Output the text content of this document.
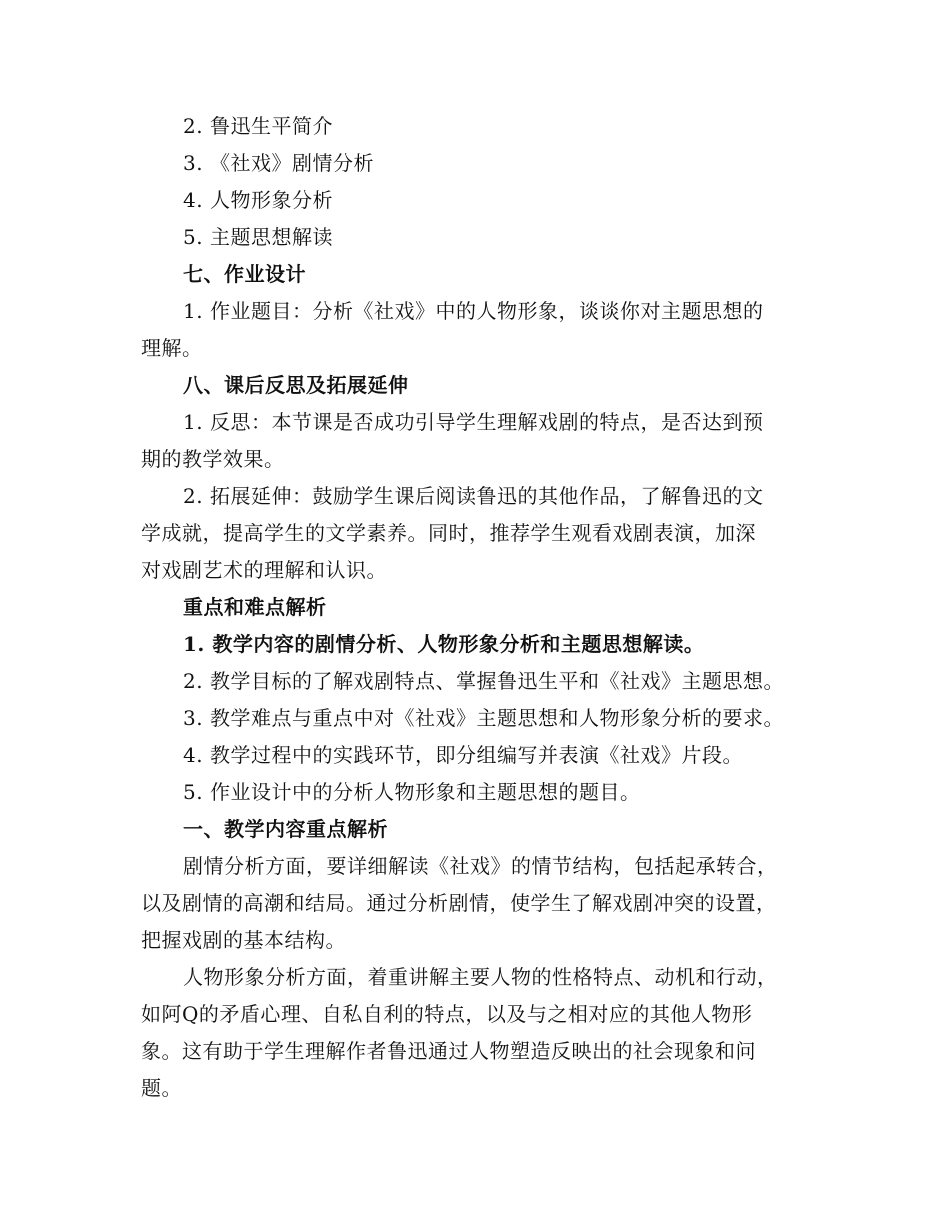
2. 鲁迅生平简介
3. 《社戏》剧情分析
4. 人物形象分析
5. 主题思想解读
七、作业设计
1. 作业题目：分析《社戏》中的人物形象，谈谈你对主题思想的
理解。
八、课后反思及拓展延伸
1. 反思：本节课是否成功引导学生理解戏剧的特点，是否达到预
期的教学效果。
2. 拓展延伸：鼓励学生课后阅读鲁迅的其他作品，了解鲁迅的文
学成就，提高学生的文学素养。同时，推荐学生观看戏剧表演，加深
对戏剧艺术的理解和认识。
重点和难点解析
1. 教学内容的剧情分析、人物形象分析和主题思想解读。
2. 教学目标的了解戏剧特点、掌握鲁迅生平和《社戏》主题思想。
3. 教学难点与重点中对《社戏》主题思想和人物形象分析的要求。
4. 教学过程中的实践环节，即分组编写并表演《社戏》片段。
5. 作业设计中的分析人物形象和主题思想的题目。
一、教学内容重点解析
剧情分析方面，要详细解读《社戏》的情节结构，包括起承转合，
以及剧情的高潮和结局。通过分析剧情，使学生了解戏剧冲突的设置，
把握戏剧的基本结构。
人物形象分析方面，着重讲解主要人物的性格特点、动机和行动，
如阿Q的矛盾心理、自私自利的特点，以及与之相对应的其他人物形
象。这有助于学生理解作者鲁迅通过人物塑造反映出的社会现象和问
题。
